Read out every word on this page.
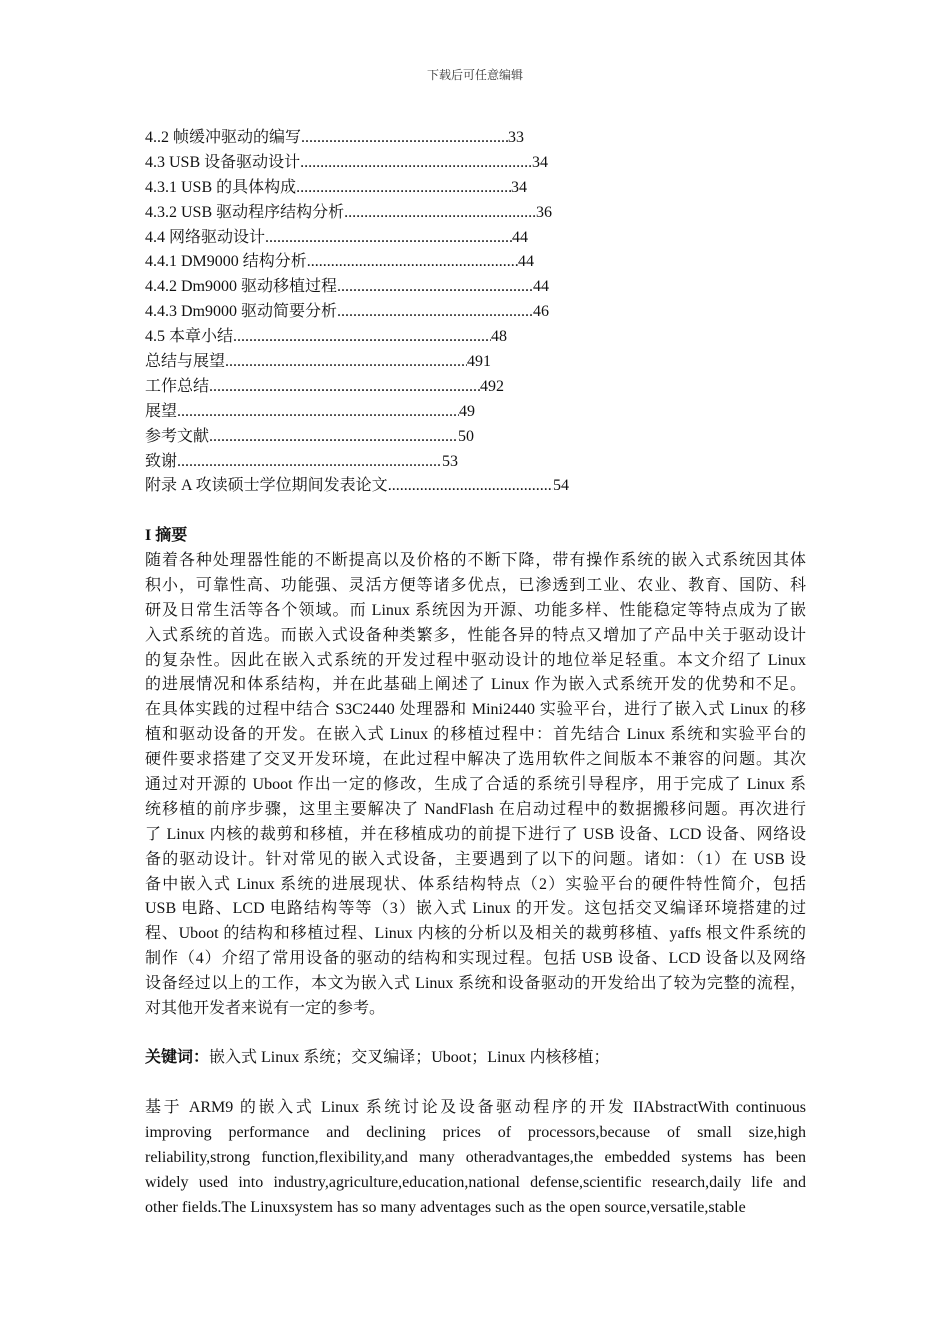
下载后可任意编辑
4..2 帧缓冲驱动的编写 .....	33
4.3 USB 设备驱动设计 .....	34
4.3.1 USB 的具体构成 .....	34
4.3.2 USB 驱动程序结构分析 .....	36
4.4 网络驱动设计 .....	44
4.4.1 DM9000 结构分析 .....	44
4.4.2 Dm9000 驱动移植过程 .....	44
4.4.3 Dm9000 驱动简要分析 .....	46
4.5 本章小结 .....	48
总结与展望 .....	491
工作总结 .....	492
展望 .....	49
参考文献 .....	50
致谢 .....	53
附录 A 攻读硕士学位期间发表论文 .....	54
I 摘要
随着各种处理器性能的不断提高以及价格的不断下降，带有操作系统的嵌入式系统因其体
积小，可靠性高、功能强、灵活方便等诸多优点，已渗透到工业、农业、教育、国防、科
研及日常生活等各个领域。而 Linux 系统因为开源、功能多样、性能稳定等特点成为了嵌
入式系统的首选。而嵌入式设备种类繁多，性能各异的特点又增加了产品中关于驱动设计
的复杂性。因此在嵌入式系统的开发过程中驱动设计的地位举足轻重。本文介绍了 Linux
的进展情况和体系结构，并在此基础上阐述了 Linux 作为嵌入式系统开发的优势和不足。
在具体实践的过程中结合 S3C2440 处理器和 Mini2440 实验平台，进行了嵌入式 Linux 的移
植和驱动设备的开发。在嵌入式 Linux 的移植过程中：首先结合 Linux 系统和实验平台的
硬件要求搭建了交叉开发环境，在此过程中解决了选用软件之间版本不兼容的问题。其次
通过对开源的 Uboot 作出一定的修改，生成了合适的系统引导程序，用于完成了 Linux 系
统移植的前序步骤，这里主要解决了 NandFlash 在启动过程中的数据搬移问题。再次进行
了 Linux 内核的裁剪和移植，并在移植成功的前提下进行了 USB 设备、LCD 设备、网络设
备的驱动设计。针对常见的嵌入式设备，主要遇到了以下的问题。诸如：（1）在 USB 设
备中嵌入式 Linux 系统的进展现状、体系结构特点（2）实验平台的硬件特性简介，包括
USB 电路、LCD 电路结构等等（3）嵌入式 Linux 的开发。这包括交叉编译环境搭建的过
程、Uboot 的结构和移植过程、Linux 内核的分析以及相关的裁剪移植、yaffs 根文件系统的
制作（4）介绍了常用设备的驱动的结构和实现过程。包括 USB 设备、LCD 设备以及网络
设备经过以上的工作，本文为嵌入式 Linux 系统和设备驱动的开发给出了较为完整的流程，
对其他开发者来说有一定的参考。
关键词：嵌入式 Linux 系统；交叉编译；Uboot；Linux 内核移植；
基于 ARM9 的嵌入式 Linux 系统讨论及设备驱动程序的开发 IIAbstractWith continuous
improving performance and declining prices of processors,because of small size,high
reliability,strong function,flexibility,and many otheradvantages,the embedded systems has been
widely used into industry,agriculture,education,national defense,scientific research,daily life and
other fields.The Linuxsystem has so many adventages such as the open source,versatile,stable
